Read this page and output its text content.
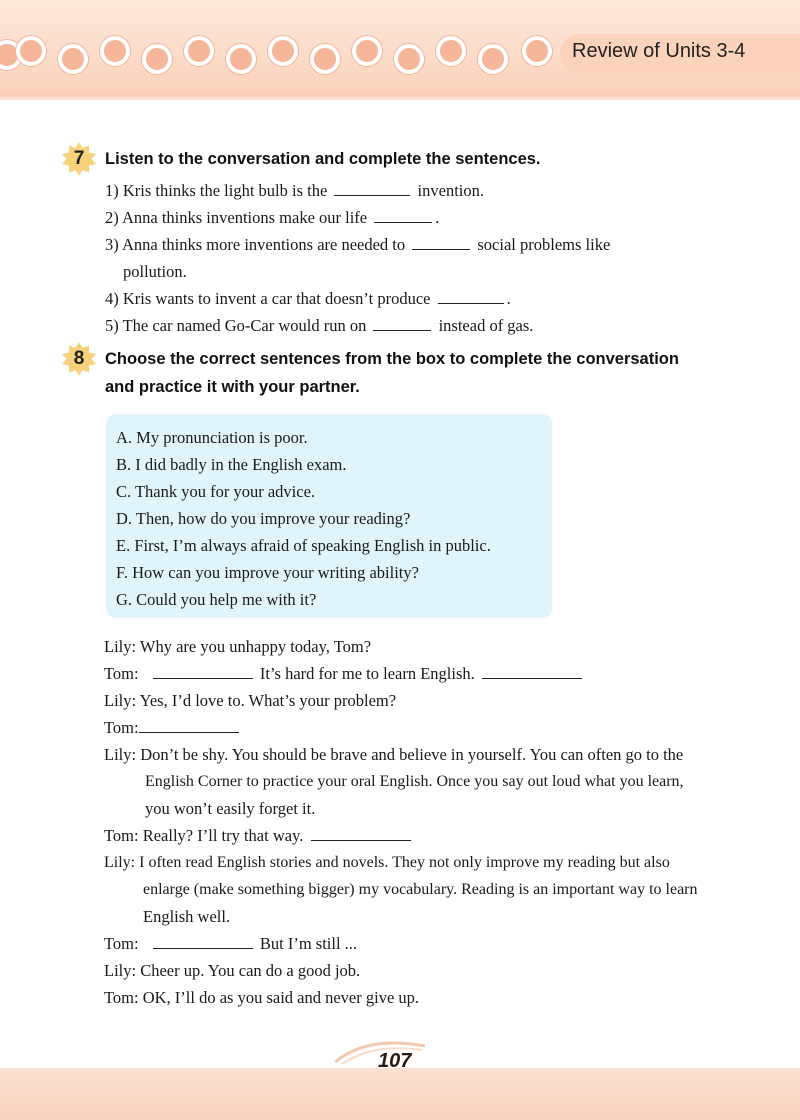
Review of Units 3-4
7	Listen to the conversation and complete the sentences.
1) Kris thinks the light bulb is the	invention.
2) Anna thinks inventions make our life	.
3) Anna thinks more inventions are needed to	social problems like
pollution.
4) Kris wants to invent a car that doesn’t produce	.
5) The car named Go-Car would run on	instead of gas.
8	Choose the correct sentences from the box to complete the conversation
and practice it with your partner.
A. My pronunciation is poor.
B. I did badly in the English exam.
C. Thank you for your advice.
D. Then, how do you improve your reading?
E. First, I’m always afraid of speaking English in public.
F. How can you improve your writing ability?
G. Could you help me with it?
Lily: Why are you unhappy today, Tom?
Tom:	It’s hard for me to learn English.
Lily: Yes, I’d love to. What’s your problem?
Tom:
Lily: Don’t be shy. You should be brave and believe in yourself. You can often go to the
English Corner to practice your oral English. Once you say out loud what you learn,
you won’t easily forget it.
Tom: Really? I’ll try that way.
Lily: I often read English stories and novels. They not only improve my reading but also
enlarge (make something bigger) my vocabulary. Reading is an important way to learn
English well.
Tom:	But I’m still ...
Lily: Cheer up. You can do a good job.
Tom: OK, I’ll do as you said and never give up.
107
